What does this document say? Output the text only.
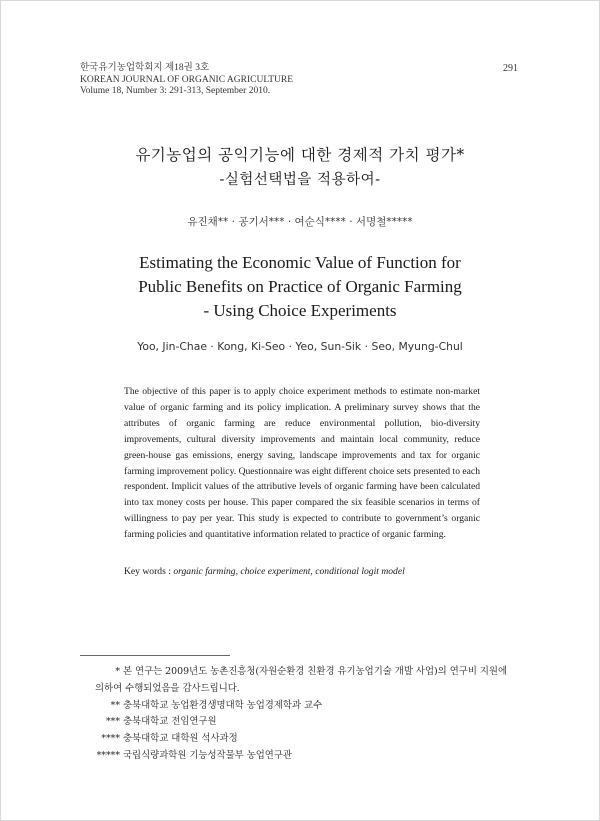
한국유기농업학회지 제18권 3호
KOREAN JOURNAL OF ORGANIC AGRICULTURE
Volume 18, Number 3: 291-313, September 2010.
291
유기농업의 공익기능에 대한 경제적 가치 평가*
-실험선택법을 적용하여-
유진채** · 공기서*** · 여순식**** · 서명철*****
Estimating the Economic Value of Function for
Public Benefits on Practice of Organic Farming
- Using Choice Experiments
Yoo, Jin-Chae · Kong, Ki-Seo · Yeo, Sun-Sik · Seo, Myung-Chul

The objective of this paper is to apply choice experiment methods to estimate non-market value of organic farming and its policy implication. A preliminary survey shows that the attributes of organic farming are reduce environmental pollution, bio-diversity improvements, cultural diversity improvements and maintain local community, reduce green-house gas emissions, energy saving, landscape improvements and tax for organic farming improvement policy. Questionnaire was eight different choice sets presented to each respondent. Implicit values of the attributive levels of organic farming have been calculated into tax money costs per house. This paper compared the six feasible scenarios in terms of willingness to pay per year. This study is expected to contribute to government’s organic farming policies and quantitative information related to practice of organic farming.

Key words : organic farming, choice experiment, conditional logit model
* 본 연구는 2009년도 농촌진흥청(자원순환경 친환경 유기농업기술 개발 사업)의 연구비 지원에
의하여 수행되었음을 감사드립니다.
** 충북대학교 농업환경생명대학 농업경제학과 교수
*** 충북대학교 전임연구원
**** 충북대학교 대학원 석사과정
***** 국립식량과학원 기능성작물부 농업연구관
